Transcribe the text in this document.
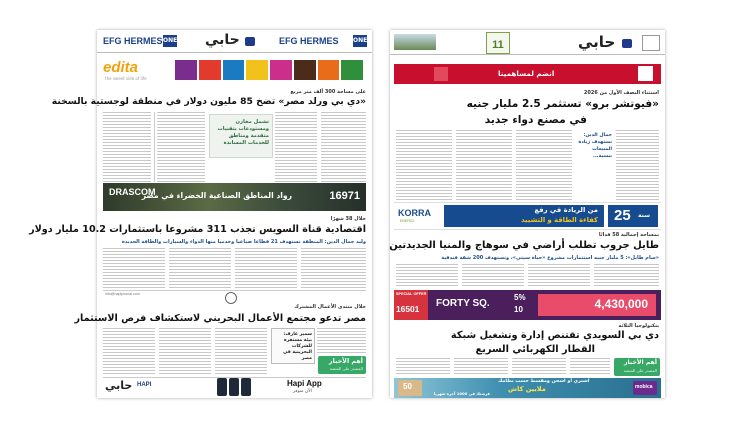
EFG HERMES ONE حابي	EFG HERMES ONE
edita
the sweet side of life
على مساحة 300 ألف متر مربع
«دي بي ورلد مصر» تضخ 85 مليون دولار في منطقة لوجستية بالسخنة
تشمل مخازن ومستودعات بتقنيات متقدمة ومناطق للخدمات المساندة
DRASCOM
رواد المناطق الصناعية الخضراء في مصر	16971
خلال 38 شهرًا
اقتصادية قناة السويس تجذب 311 مشروعا باستثمارات 10.2 مليار دولار
وليد جمال الدين: المنطقة تستهدف 21 قطاعا صناعيا وخدميا منها الدواء والسيارات والطاقة الجديدة
info@hapijournal.com
خلال منتدى الأعمال المشترك
مصر تدعو مجتمع الأعمال البحريني لاستكشاف فرص الاستثمار
سمير عارف: بيئة مستقرة للشركات البحرينية في مصر	أهم الأخبار
المصدر على المنصة
حابي HAPI	Hapi App
الآن متوفر
11	حابي
انضم لمساهمينا
استثناء النصف الأول من 2026
«فيوتشر برو» تستثمر 2.5 مليار جنيه
في مصنع دواء جديد
جمال الدين: نستهدف زيادة المبيعات بنسبة...
KORRA
ENERGI
من الريادة في رفع
كفاءة الطاقة و التشييد 25 سنة
بمساحة إجمالية 58 فدانًا
طايل جروب تطلب أراضي في سوهاج والمنيا الجديدتين
«سام طايل»: 5 مليار جنيه استثمارات مشروع «حياة سيتي»، ونستهدف 200 شقة فندقية
SPECIAL OFFER
16501 FORTY SQ.
5%
10	4,430,000
بتكنولوجيا الثلاثة
دي بي السويدي تقتنص إدارة وتشغيل شبكة
القطار الكهربائي السريع
أهم الأخبار
المصدر على المنصة
50
اشتري أو اشحن ومقسط حسب نظامك
ملايين كاش
فرصتك في 1000 أجرة شهريا
mobica
